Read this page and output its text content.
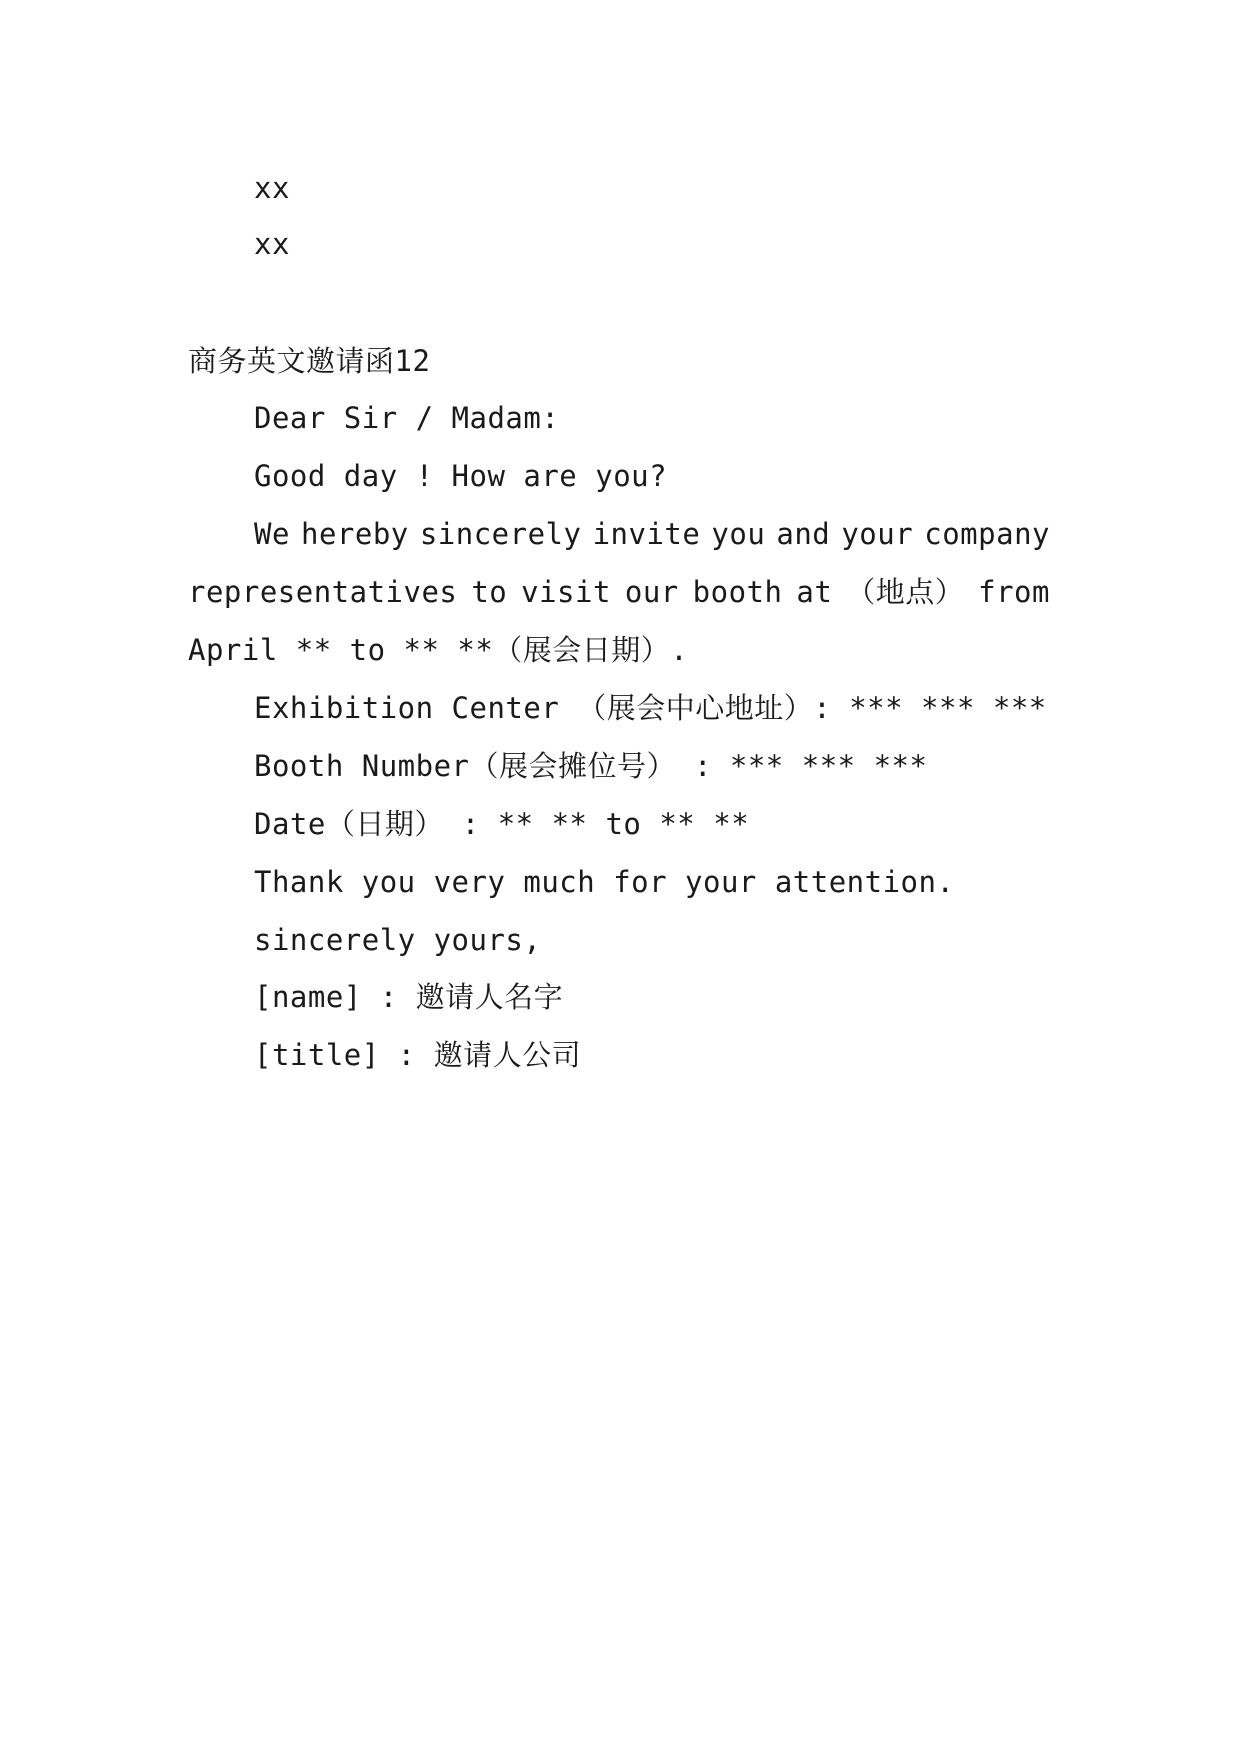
xx
xx
商务英文邀请函12
Dear Sir / Madam:
Good day ! How are you?
We hereby sincerely invite you and your company
representatives to visit our booth at （地点） from
April ** to ** **（展会日期）.
Exhibition Center （展会中心地址）: *** *** ***
Booth Number（展会摊位号） : *** *** ***
Date（日期） : ** ** to ** **
Thank you very much for your attention.
sincerely yours,
[name] : 邀请人名字
[title] : 邀请人公司
